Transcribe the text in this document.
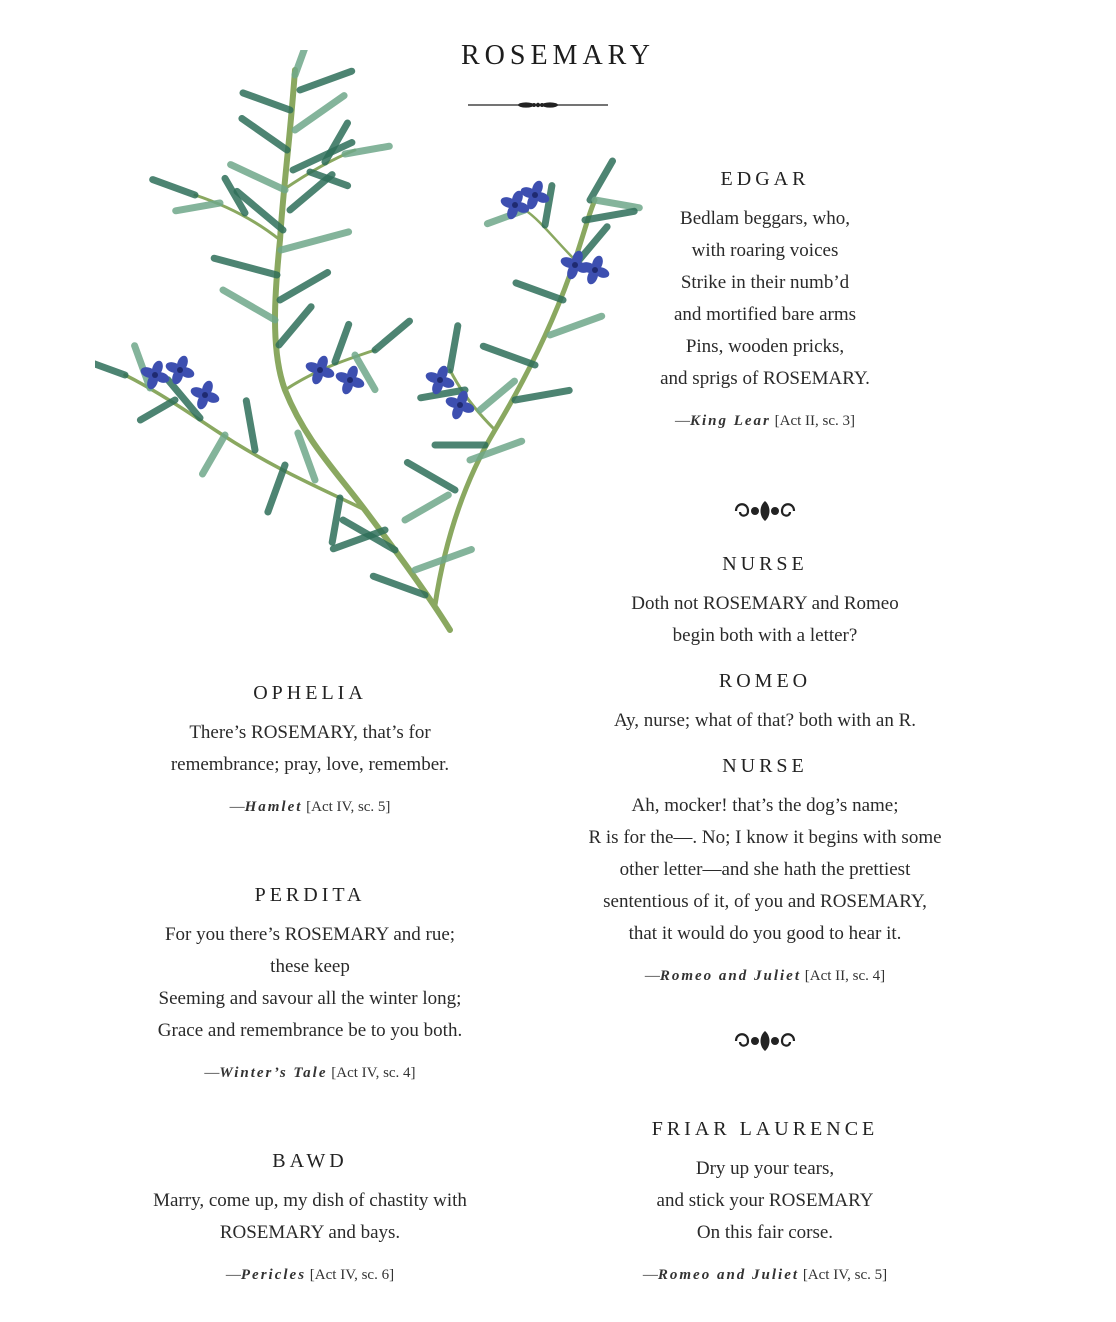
ROSEMARY

EDGAR

Bedlam beggars, who,
with roaring voices
Strike in their numb’d
and mortified bare arms
Pins, wooden pricks,
and sprigs of ROSEMARY.
—King Lear [Act II, sc. 3]

NURSE

Doth not ROSEMARY and Romeo
begin both with a letter?

ROMEO

Ay, nurse; what of that? both with an R.

NURSE

Ah, mocker! that’s the dog’s name;
R is for the—. No; I know it begins with some
other letter—and she hath the prettiest
sententious of it, of you and ROSEMARY,
that it would do you good to hear it.
—Romeo and Juliet [Act II, sc. 4]

FRIAR LAURENCE

Dry up your tears,
and stick your ROSEMARY
On this fair corse.
—Romeo and Juliet [Act IV, sc. 5]

OPHELIA

There’s ROSEMARY, that’s for
remembrance; pray, love, remember.
—Hamlet [Act IV, sc. 5]

PERDITA

For you there’s ROSEMARY and rue;
these keep
Seeming and savour all the winter long;
Grace and remembrance be to you both.
—Winter’s Tale [Act IV, sc. 4]

BAWD

Marry, come up, my dish of chastity with
ROSEMARY and bays.
—Pericles [Act IV, sc. 6]
